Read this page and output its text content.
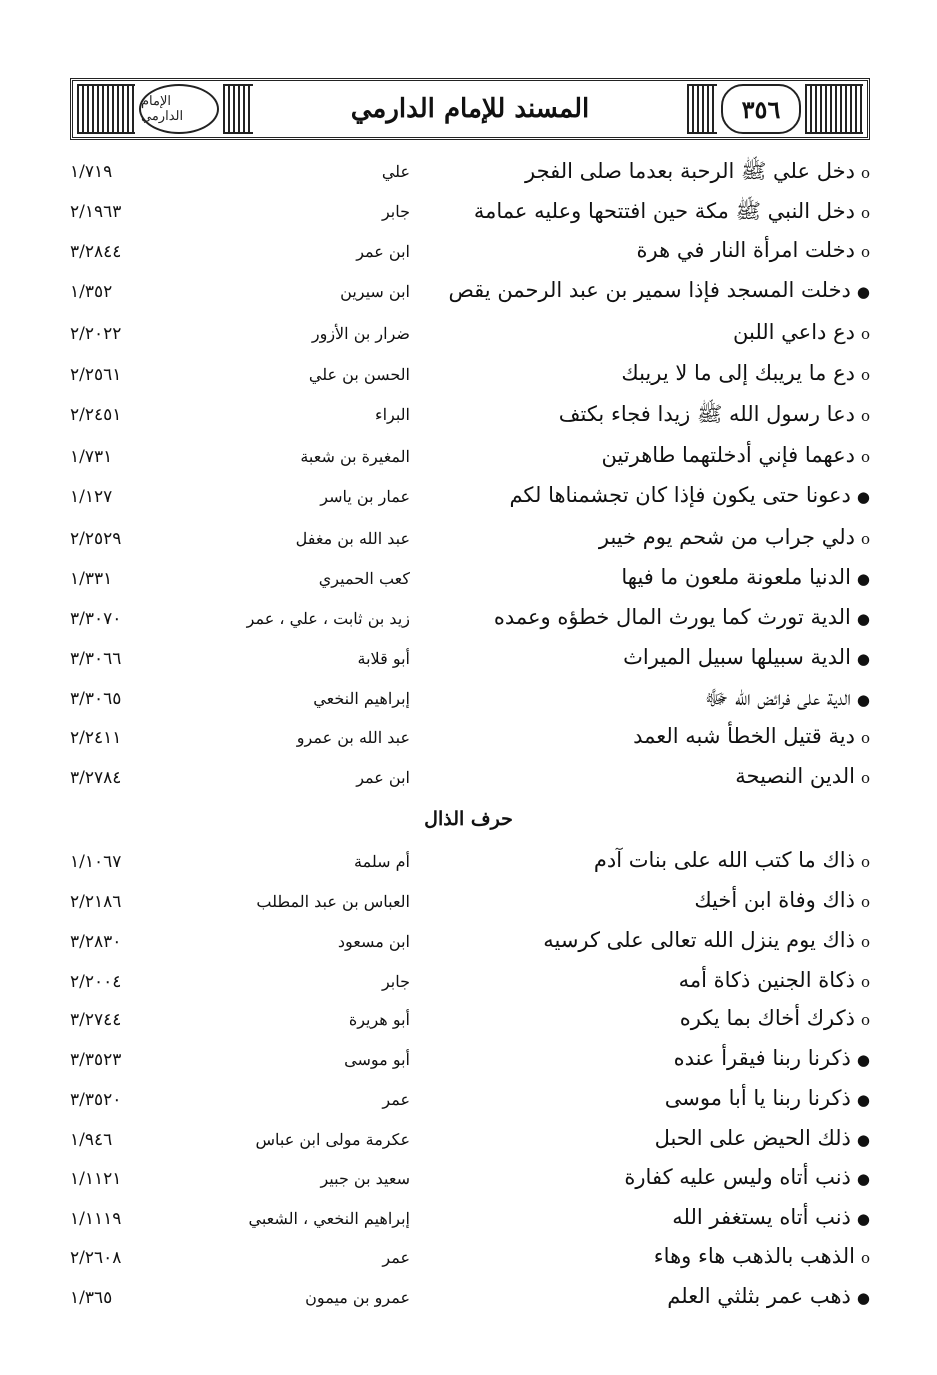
الإمام الدارمي	المسند للإمام الدارمي	٣٥٦
oدخل علي ﷺ الرحبة بعدما صلى الفجر
علي
١/٧١٩
oدخل النبي ﷺ مكة حين افتتحها وعليه عمامة
جابر
٢/١٩٦٣
oدخلت امرأة النار في هرة
ابن عمر
٣/٢٨٤٤
●دخلت المسجد فإذا سمير بن عبد الرحمن يقص
ابن سيرين
١/٣٥٢
oدع داعي اللبن
ضرار بن الأزور
٢/٢٠٢٢
oدع ما يريبك إلى ما لا يريبك
الحسن بن علي
٢/٢٥٦١
oدعا رسول الله ﷺ زيدا فجاء بكتف
البراء
٢/٢٤٥١
oدعهما فإني أدخلتهما طاهرتين
المغيرة بن شعبة
١/٧٣١
●دعونا حتى يكون فإذا كان تجشمناها لكم
عمار بن ياسر
١/١٢٧
oدلي جراب من شحم يوم خيبر
عبد الله بن مغفل
٢/٢٥٢٩
●الدنيا ملعونة ملعون ما فيها
كعب الحميري
١/٣٣١
●الدية تورث كما يورث المال خطؤه وعمده
زيد بن ثابت ، علي ، عمر
٣/٣٠٧٠
●الدية سبيلها سبيل الميراث
أبو قلابة
٣/٣٠٦٦
●الدية على فرائض الله ﷻ
إبراهيم النخعي
٣/٣٠٦٥
oدية قتيل الخطأ شبه العمد
عبد الله بن عمرو
٢/٢٤١١
oالدين النصيحة
ابن عمر
٣/٢٧٨٤
حرف الذال
oذاك ما كتب الله على بنات آدم
أم سلمة
١/١٠٦٧
oذاك وفاة ابن أخيك
العباس بن عبد المطلب
٢/٢١٨٦
oذاك يوم ينزل الله تعالى على كرسيه
ابن مسعود
٣/٢٨٣٠
oذكاة الجنين ذكاة أمه
جابر
٢/٢٠٠٤
oذكرك أخاك بما يكره
أبو هريرة
٣/٢٧٤٤
●ذكرنا ربنا فيقرأ عنده
أبو موسى
٣/٣٥٢٣
●ذكرنا ربنا يا أبا موسى
عمر
٣/٣٥٢٠
●ذلك الحيض على الحبل
عكرمة مولى ابن عباس
١/٩٤٦
●ذنب أتاه وليس عليه كفارة
سعيد بن جبير
١/١١٢١
●ذنب أتاه يستغفر الله
إبراهيم النخعي ، الشعبي
١/١١١٩
oالذهب بالذهب هاء وهاء
عمر
٢/٢٦٠٨
●ذهب عمر بثلثي العلم
عمرو بن ميمون
١/٣٦٥
